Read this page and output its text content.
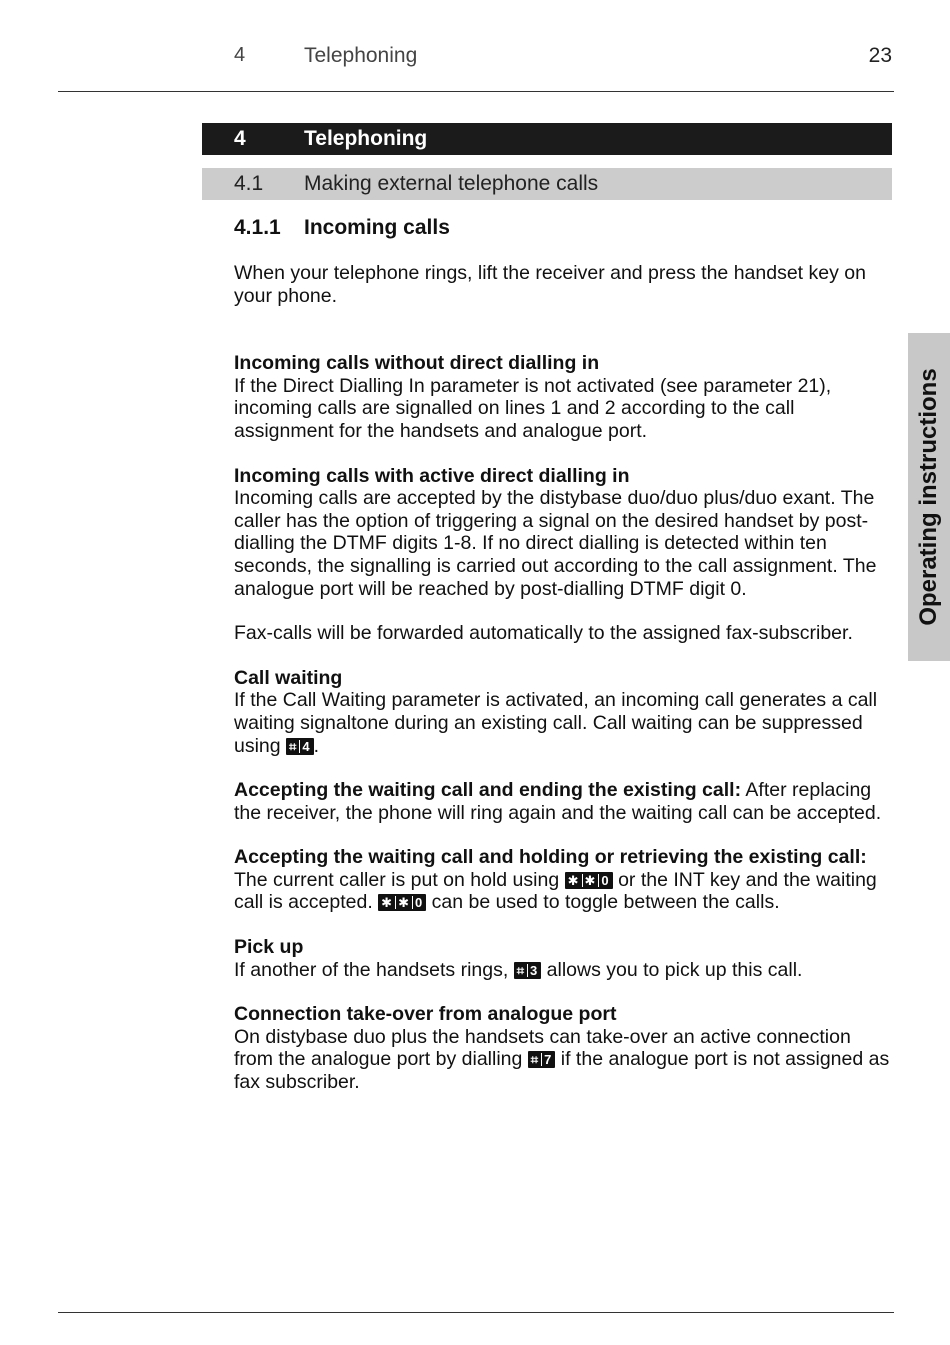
4	Telephoning	23
4	Telephoning
4.1 Making external telephone calls
4.1.1 Incoming calls

When your telephone rings, lift the receiver and press the handset key on your phone.

Incoming calls without direct dialling in
If the Direct Dialling In parameter is not activated (see parameter 21), incoming calls are signalled on lines 1 and 2 according to the call assignment for the handsets and analogue port.

Incoming calls with active direct dialling in
Incoming calls are accepted by the distybase duo/duo plus/duo exant. The caller has the option of triggering a signal on the desired handset by post-dialling the DTMF digits 1-8. If no direct dialling is detected within ten seconds, the signalling is carried out according to the call assignment. The analogue port will be reached by post-dialling DTMF digit 0.

Fax-calls will be forwarded automatically to the assigned fax-subscriber.

Call waiting
If the Call Waiting parameter is activated, an incoming call generates a call waiting signaltone during an existing call. Call waiting can be suppressed using ⌗ 4 .

Accepting the waiting call and ending the existing call: After replacing the receiver, the phone will ring again and the waiting call can be accepted.

Accepting the waiting call and holding or retrieving the existing call: The current caller is put on hold using ✱ ✱ 0 or the INT key and the waiting call is accepted. ✱ ✱ 0 can be used to toggle between the calls.

Pick up
If another of the handsets rings, ⌗ 3 allows you to pick up this call.

Connection take-over from analogue port
On distybase duo plus the handsets can take-over an active connection from the analogue port by dialling ⌗ 7 if the analogue port is not assigned as fax subscriber.

Operating instructions
